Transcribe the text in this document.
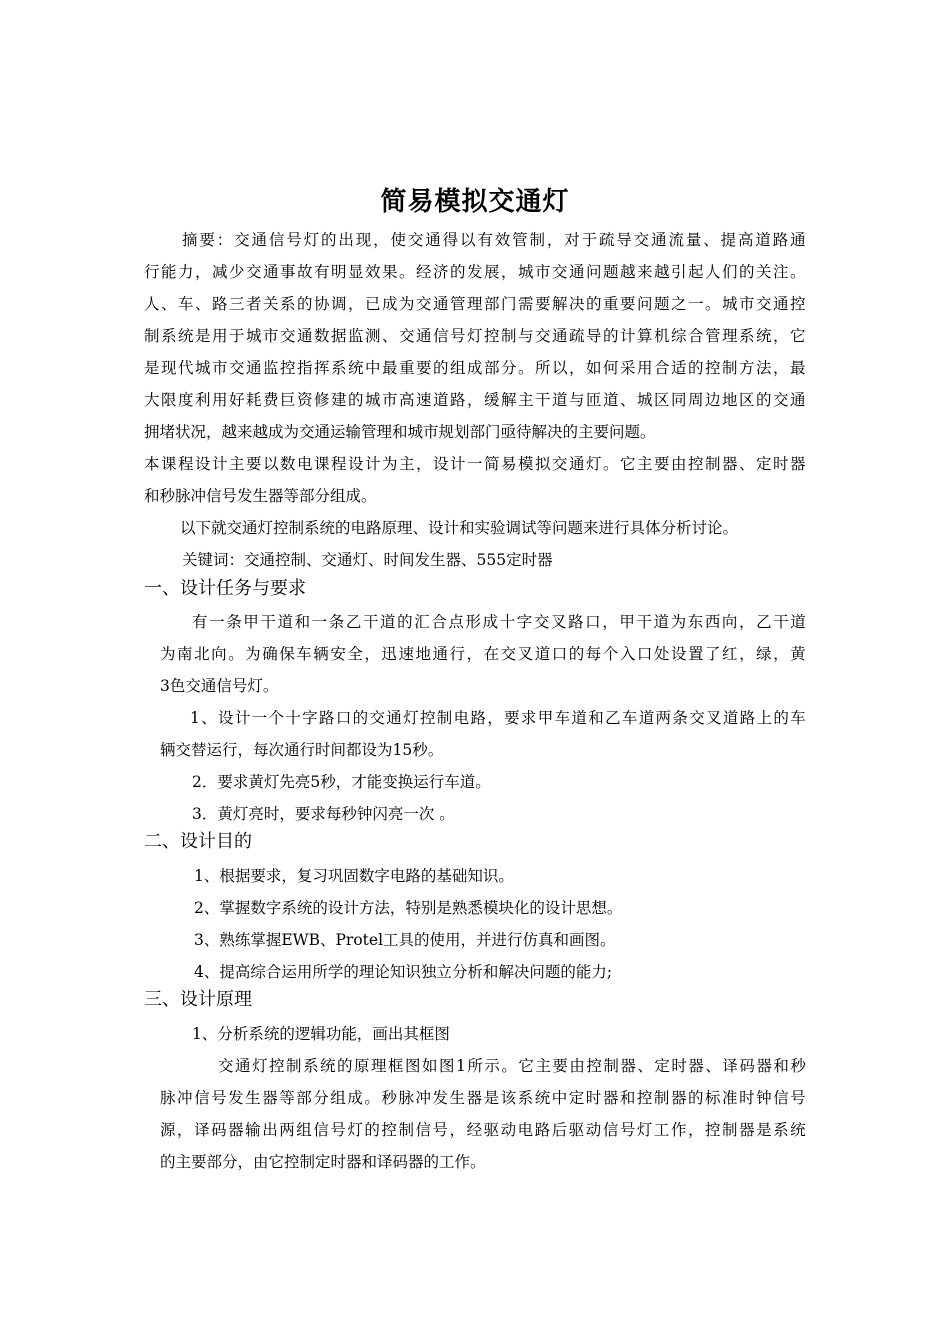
简易模拟交通灯
摘 要 ： 交 通 信 号 灯 的 出 现 ， 使 交 通 得 以 有 效 管 制 ， 对 于 疏 导 交 通 流 量 、 提 高 道 路 通
行 能 力 ， 减 少 交 通 事 故 有 明 显 效 果 。 经 济 的 发 展 ， 城 市 交 通 问 题 越 来 越 引 起 人 们 的 关 注 。
人 、 车 、 路 三 者 关 系 的 协 调 ， 已 成 为 交 通 管 理 部 门 需 要 解 决 的 重 要 问 题 之 一 。 城 市 交 通 控
制 系 统 是 用 于 城 市 交 通 数 据 监 测 、 交 通 信 号 灯 控 制 与 交 通 疏 导 的 计 算 机 综 合 管 理 系 统 ， 它
是 现 代 城 市 交 通 监 控 指 挥 系 统 中 最 重 要 的 组 成 部 分 。 所 以 ， 如 何 采 用 合 适 的 控 制 方 法 ， 最
大 限 度 利 用 好 耗 费 巨 资 修 建 的 城 市 高 速 道 路 ， 缓 解 主 干 道 与 匝 道 、 城 区 同 周 边 地 区 的 交 通
拥堵状况，越来越成为交通运输管理和城市规划部门亟待解决的主要问题。
本 课 程 设 计 主 要 以 数 电 课 程 设 计 为 主 ， 设 计 一 简 易 模 拟 交 通 灯 。 它 主 要 由 控 制 器 、 定 时 器
和秒脉冲信号发生器等部分组成。
以下就交通灯控制系统的电路原理、设计和实验调试等问题来进行具体分析讨论。
关键词：交通控制、交通灯、时间发生器、555定时器
一、设计任务与要求
有 一 条 甲 干 道 和 一 条 乙 干 道 的 汇 合 点 形 成 十 字 交 叉 路 口 ， 甲 干 道 为 东 西 向 ， 乙 干 道
为 南 北 向 。 为 确 保 车 辆 安 全 ， 迅 速 地 通 行 ， 在 交 叉 道 口 的 每 个 入 口 处 设 置 了 红 ， 绿 ， 黄
3色交通信号灯。
1 、 设 计 一 个 十 字 路 口 的 交 通 灯 控 制 电 路 ， 要 求 甲 车 道 和 乙 车 道 两 条 交 叉 道 路 上 的 车
辆交替运行，每次通行时间都设为15秒。
2．要求黄灯先亮5秒，才能变换运行车道。
3．黄灯亮时，要求每秒钟闪亮一次 。
二、设计目的
1、根据要求，复习巩固数字电路的基础知识。
2、掌握数字系统的设计方法，特别是熟悉模块化的设计思想。
3、熟练掌握EWB、Protel工具的使用，并进行仿真和画图。
4、提高综合运用所学的理论知识独立分析和解决问题的能力;
三、设计原理
1、分析系统的逻辑功能，画出其框图
交 通 灯 控 制 系 统 的 原 理 框 图 如 图 1 所 示 。 它 主 要 由 控 制 器 、 定 时 器 、 译 码 器 和 秒
脉 冲 信 号 发 生 器 等 部 分 组 成 。 秒 脉 冲 发 生 器 是 该 系 统 中 定 时 器 和 控 制 器 的 标 准 时 钟 信 号
源 ， 译 码 器 输 出 两 组 信 号 灯 的 控 制 信 号 ， 经 驱 动 电 路 后 驱 动 信 号 灯 工 作 ， 控 制 器 是 系 统
的主要部分，由它控制定时器和译码器的工作。
